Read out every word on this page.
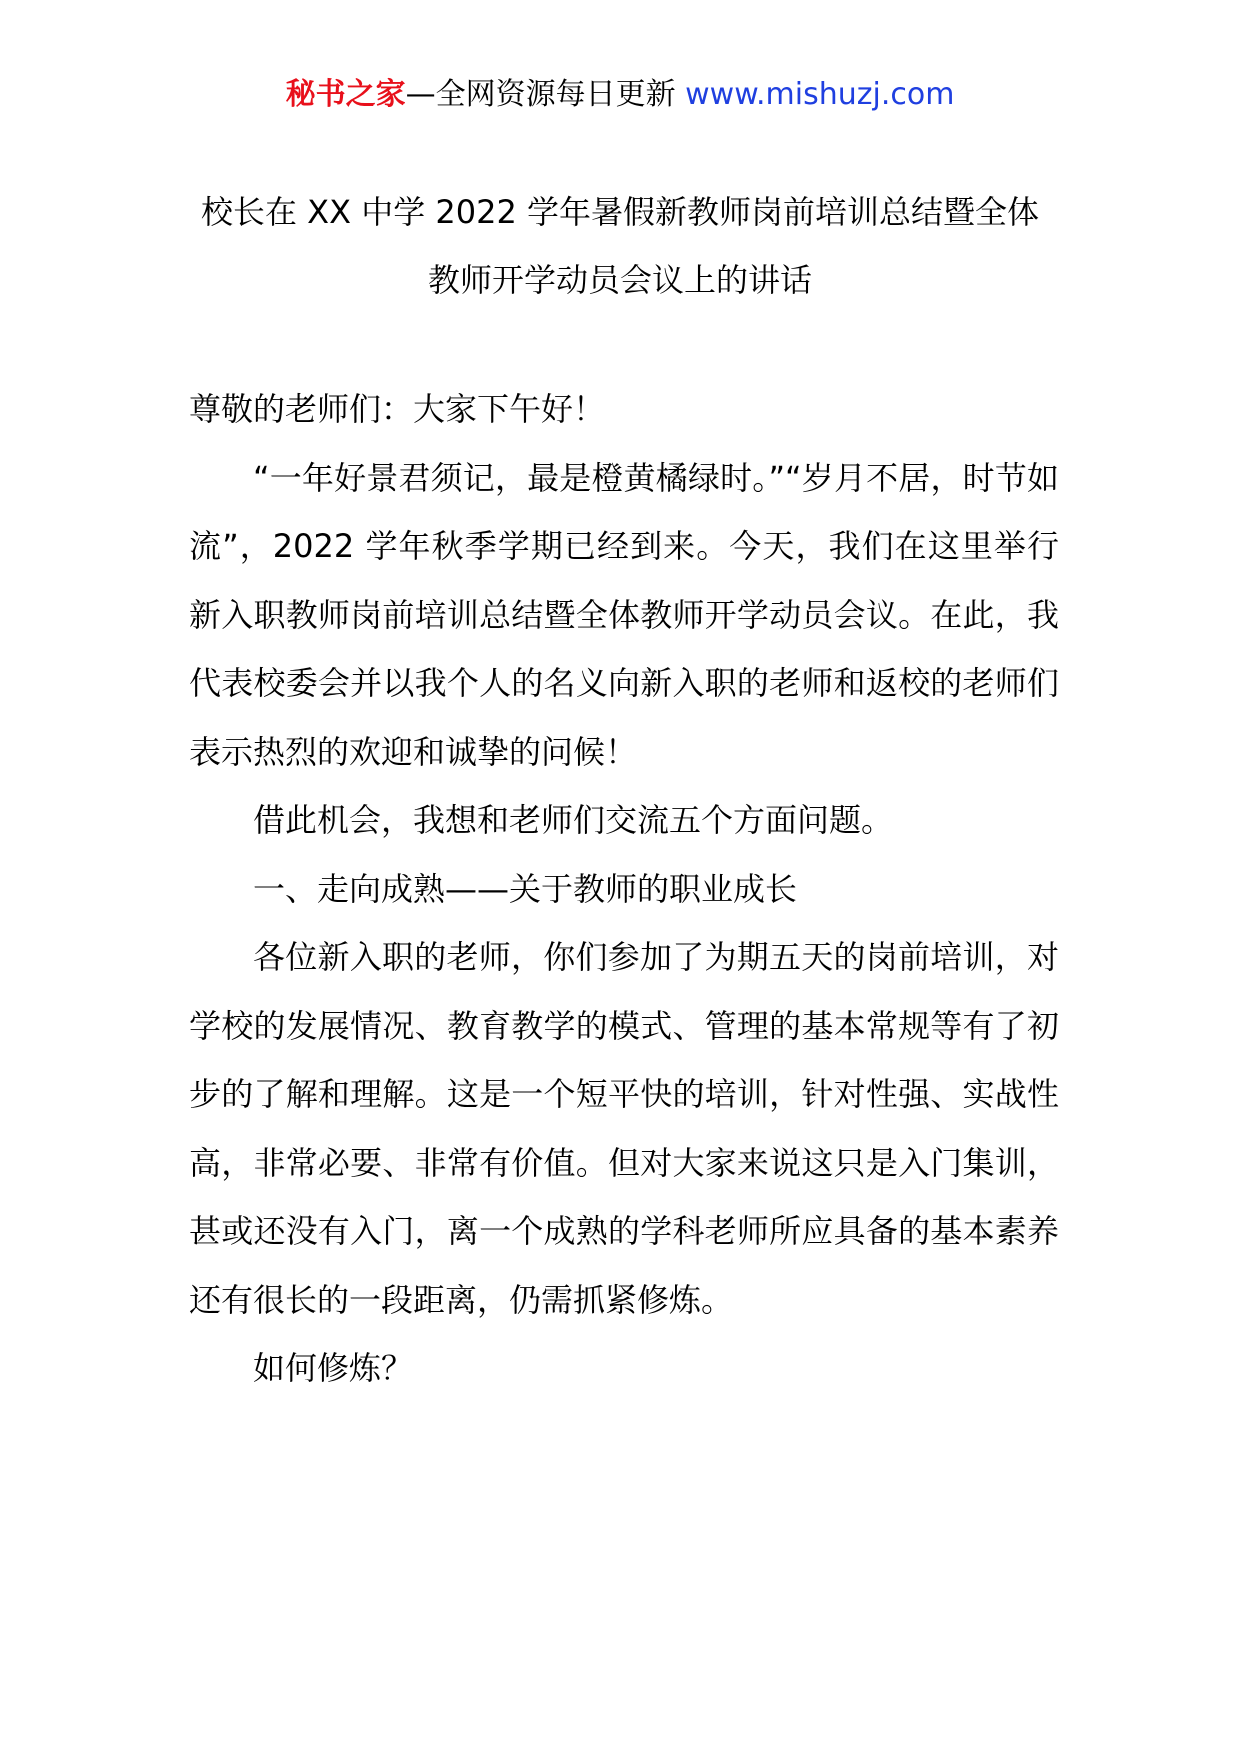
秘书之家—全网资源每日更新 www.mishuzj.com
校长在 XX 中学 2022 学年暑假新教师岗前培训总结暨全体
教师开学动员会议上的讲话

尊敬的老师们：大家下午好！

“一年好景君须记，最是橙黄橘绿时。”“岁月不居，时节如流”，2022 学年秋季学期已经到来。今天，我们在这里举行新入职教师岗前培训总结暨全体教师开学动员会议。在此，我代表校委会并以我个人的名义向新入职的老师和返校的老师们表示热烈的欢迎和诚挚的问候！

借此机会，我想和老师们交流五个方面问题。

一、走向成熟——关于教师的职业成长

各位新入职的老师，你们参加了为期五天的岗前培训，对学校的发展情况、教育教学的模式、管理的基本常规等有了初步的了解和理解。这是一个短平快的培训，针对性强、实战性高，非常必要、非常有价值。但对大家来说这只是入门集训，甚或还没有入门，离一个成熟的学科老师所应具备的基本素养还有很长的一段距离，仍需抓紧修炼。

如何修炼？
